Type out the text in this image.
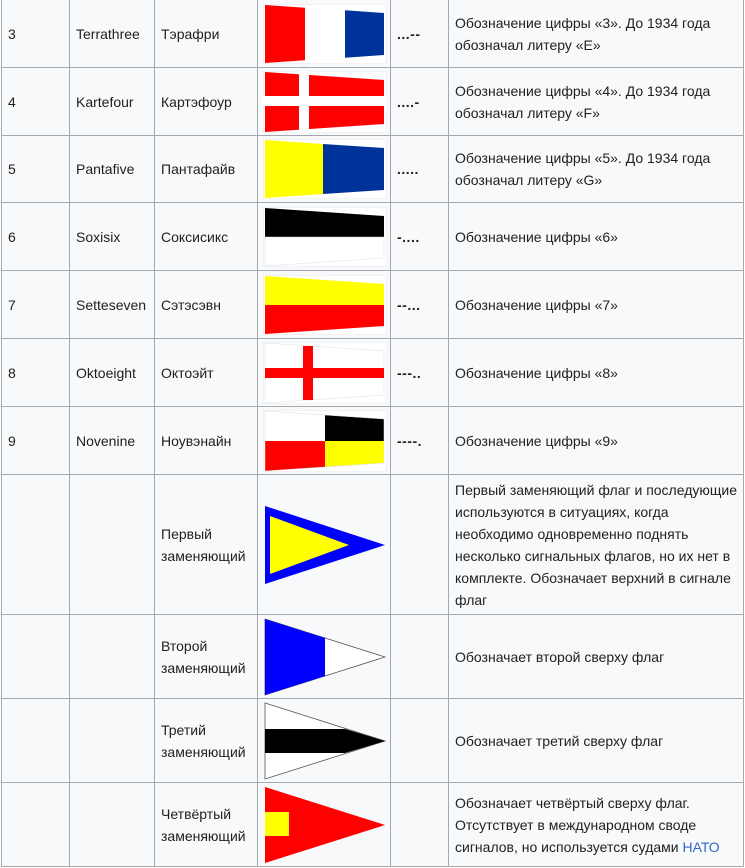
3	Terrathree	Тэрафри		...--	Обозначение цифры «3». До 1934 года обозначал литеру «E»
4	Kartefour	Картэфоур		....-	Обозначение цифры «4». До 1934 года обозначал литеру «F»
5	Pantafive	Пантафайв		.....	Обозначение цифры «5». До 1934 года обозначал литеру «G»
6	Soxisix	Соксисикс		-....	Обозначение цифры «6»
7	Setteseven	Сэтэсэвн		--...	Обозначение цифры «7»
8	Oktoeight	Октоэйт		---..	Обозначение цифры «8»
9	Novenine	Ноувэнайн		----.	Обозначение цифры «9»
		Первый заменяющий			Первый заменяющий флаг и последующие используются в ситуациях, когда необходимо одновременно поднять несколько сигнальных флагов, но их нет в комплекте. Обозначает верхний в сигнале флаг
		Второй заменяющий			Обозначает второй сверху флаг
		Третий заменяющий			Обозначает третий сверху флаг
		Четвёртый заменяющий			Обозначает четвёртый сверху флаг. Отсутствует в международном своде сигналов, но используется судами НАТО
